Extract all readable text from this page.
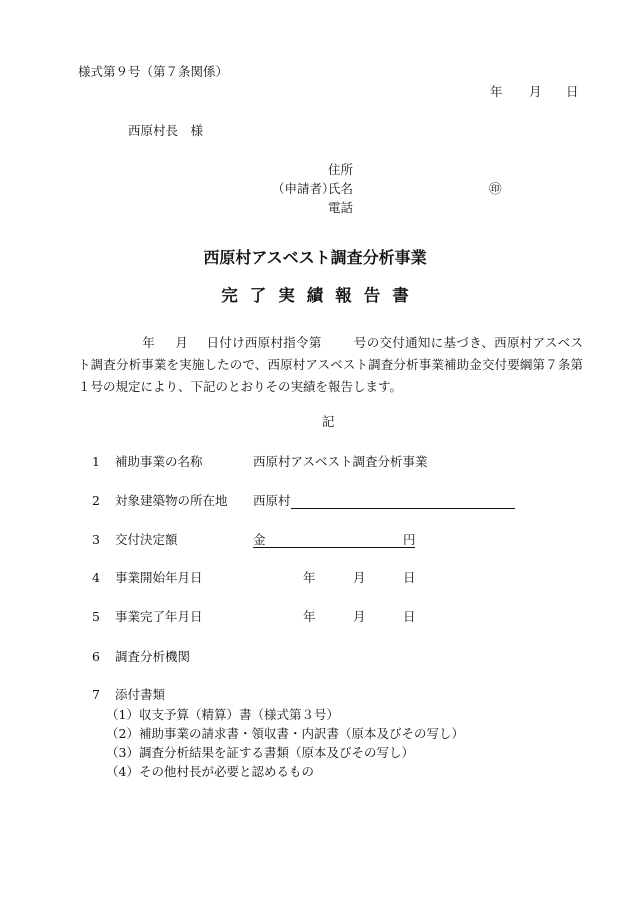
様式第９号（第７条関係）
年 月 日
西原村長　様
住所
（申請者）
氏名	㊞
電話
西原村アスベスト調査分析事業
完了実績報告書
年 月 日付け西原村指令第	号の交付通知に基づき、西原村アスベスト調査分析事業を実施したので、西原村アスベスト調査分析事業補助金交付要綱第７条第１号の規定により、下記のとおりその実績を報告します。
記
1 補助事業の名称	西原村アスベスト調査分析事業
2 対象建築物の所在地 西原村
3 交付決定額	金	円
4 事業開始年月日	年	月	日
5 事業完了年月日	年	月	日
6 調査分析機関
7 添付書類
（1）収支予算（精算）書（様式第３号）
（2）補助事業の請求書・領収書・内訳書（原本及びその写し）
（3）調査分析結果を証する書類（原本及びその写し）
（4）その他村長が必要と認めるもの
